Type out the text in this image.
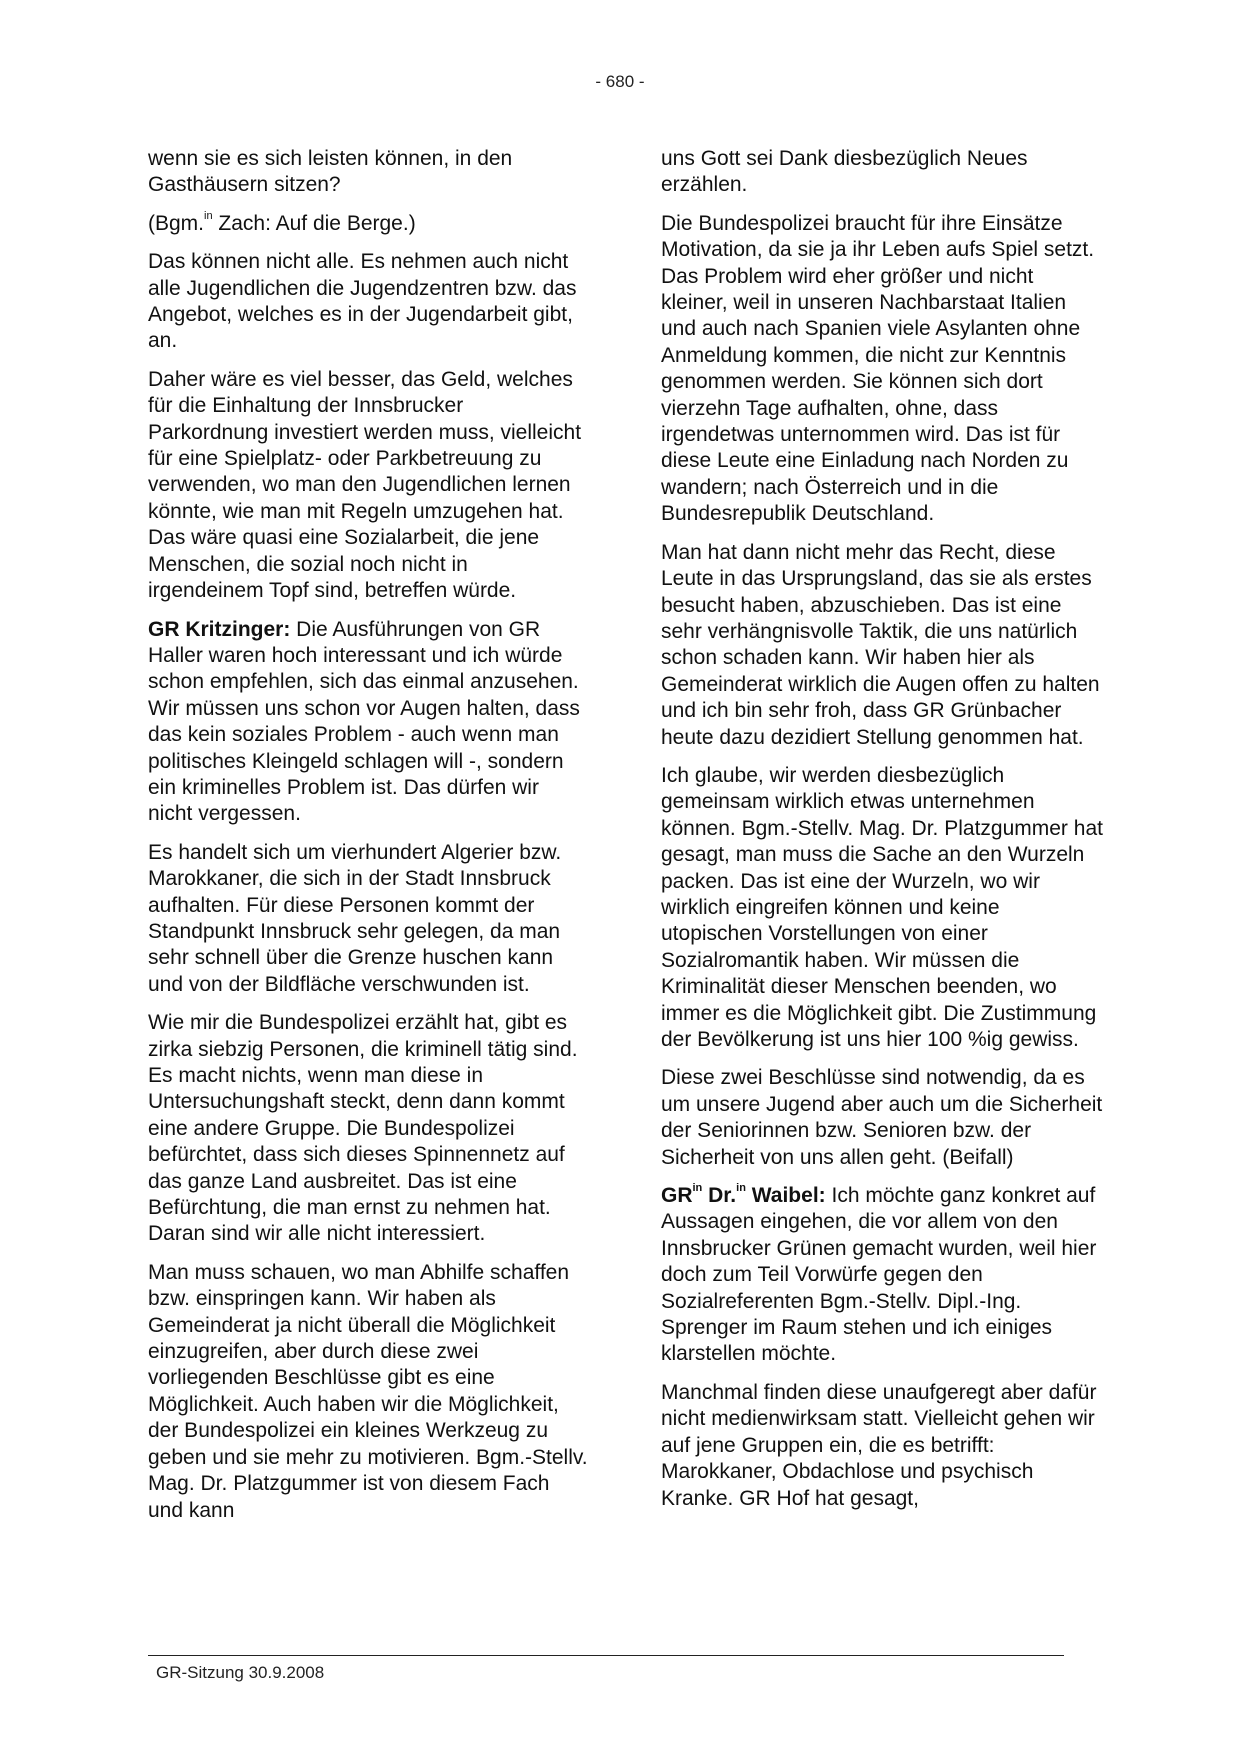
- 680 -

wenn sie es sich leisten können, in den Gasthäusern sitzen?

(Bgm.$^{in}$ Zach: Auf die Berge.)

Das können nicht alle. Es nehmen auch nicht alle Jugendlichen die Jugendzentren bzw. das Angebot, welches es in der Jugendarbeit gibt, an.

Daher wäre es viel besser, das Geld, welches für die Einhaltung der Innsbrucker Parkordnung investiert werden muss, vielleicht für eine Spielplatz- oder Parkbetreuung zu verwenden, wo man den Jugendlichen lernen könnte, wie man mit Regeln umzugehen hat. Das wäre quasi eine Sozialarbeit, die jene Menschen, die sozial noch nicht in irgendeinem Topf sind, betreffen würde.

GR Kritzinger: Die Ausführungen von GR Haller waren hoch interessant und ich würde schon empfehlen, sich das einmal anzusehen. Wir müssen uns schon vor Augen halten, dass das kein soziales Problem - auch wenn man politisches Kleingeld schlagen will -, sondern ein kriminelles Problem ist. Das dürfen wir nicht vergessen.

Es handelt sich um vierhundert Algerier bzw. Marokkaner, die sich in der Stadt Innsbruck aufhalten. Für diese Personen kommt der Standpunkt Innsbruck sehr gelegen, da man sehr schnell über die Grenze huschen kann und von der Bildfläche verschwunden ist.

Wie mir die Bundespolizei erzählt hat, gibt es zirka siebzig Personen, die kriminell tätig sind. Es macht nichts, wenn man diese in Untersuchungshaft steckt, denn dann kommt eine andere Gruppe. Die Bundespolizei befürchtet, dass sich dieses Spinnennetz auf das ganze Land ausbreitet. Das ist eine Befürchtung, die man ernst zu nehmen hat. Daran sind wir alle nicht interessiert.

Man muss schauen, wo man Abhilfe schaffen bzw. einspringen kann. Wir haben als Gemeinderat ja nicht überall die Möglichkeit einzugreifen, aber durch diese zwei vorliegenden Beschlüsse gibt es eine Möglichkeit. Auch haben wir die Möglichkeit, der Bundespolizei ein kleines Werkzeug zu geben und sie mehr zu motivieren. Bgm.-Stellv. Mag. Dr. Platzgummer ist von diesem Fach und kann

uns Gott sei Dank diesbezüglich Neues erzählen.

Die Bundespolizei braucht für ihre Einsätze Motivation, da sie ja ihr Leben aufs Spiel setzt. Das Problem wird eher größer und nicht kleiner, weil in unseren Nachbarstaat Italien und auch nach Spanien viele Asylanten ohne Anmeldung kommen, die nicht zur Kenntnis genommen werden. Sie können sich dort vierzehn Tage aufhalten, ohne, dass irgendetwas unternommen wird. Das ist für diese Leute eine Einladung nach Norden zu wandern; nach Österreich und in die Bundesrepublik Deutschland.

Man hat dann nicht mehr das Recht, diese Leute in das Ursprungsland, das sie als erstes besucht haben, abzuschieben. Das ist eine sehr verhängnisvolle Taktik, die uns natürlich schon schaden kann. Wir haben hier als Gemeinderat wirklich die Augen offen zu halten und ich bin sehr froh, dass GR Grünbacher heute dazu dezidiert Stellung genommen hat.

Ich glaube, wir werden diesbezüglich gemeinsam wirklich etwas unternehmen können. Bgm.-Stellv. Mag. Dr. Platzgummer hat gesagt, man muss die Sache an den Wurzeln packen. Das ist eine der Wurzeln, wo wir wirklich eingreifen können und keine utopischen Vorstellungen von einer Sozialromantik haben. Wir müssen die Kriminalität dieser Menschen beenden, wo immer es die Möglichkeit gibt. Die Zustimmung der Bevölkerung ist uns hier 100 %ig gewiss.

Diese zwei Beschlüsse sind notwendig, da es um unsere Jugend aber auch um die Sicherheit der Seniorinnen bzw. Senioren bzw. der Sicherheit von uns allen geht. (Beifall)

$GR^{in}$ Dr.$^{in}$ Waibel: Ich möchte ganz konkret auf Aussagen eingehen, die vor allem von den Innsbrucker Grünen gemacht wurden, weil hier doch zum Teil Vorwürfe gegen den Sozialreferenten Bgm.-Stellv. Dipl.-Ing. Sprenger im Raum stehen und ich einiges klarstellen möchte.

Manchmal finden diese unaufgeregt aber dafür nicht medienwirksam statt. Vielleicht gehen wir auf jene Gruppen ein, die es betrifft: Marokkaner, Obdachlose und psychisch Kranke. GR Hof hat gesagt,

GR-Sitzung 30.9.2008
